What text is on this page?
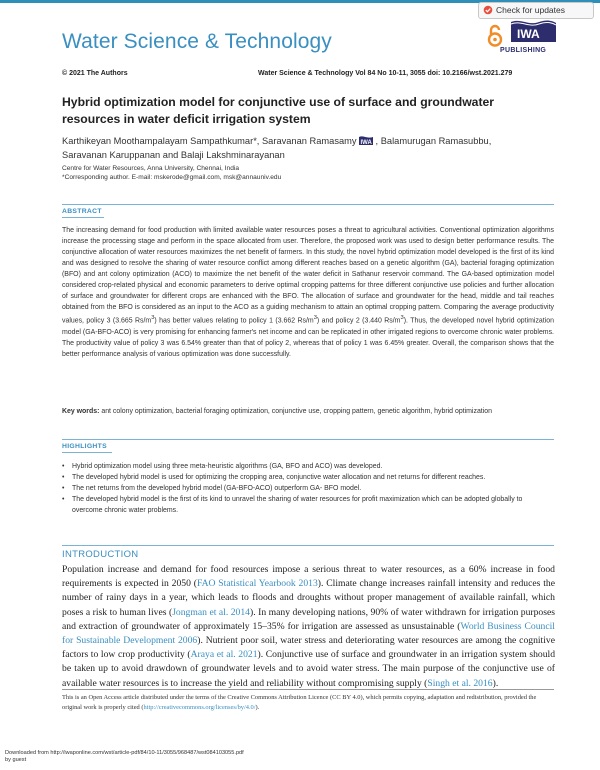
Water Science & Technology
Check for updates
IWA
PUBLISHING
© 2021 The Authors	Water Science & Technology Vol 84 No 10-11, 3055 doi: 10.2166/wst.2021.279
Hybrid optimization model for conjunctive use of surface and groundwater resources in water deficit irrigation system
Karthikeyan Moothampalayam Sampathkumar*, Saravanan Ramasamy IWA , Balamurugan Ramasubbu,
Saravanan Karuppanan and Balaji Lakshminarayanan
Centre for Water Resources, Anna University, Chennai, India
*Corresponding author. E-mail: mskerode@gmail.com, msk@annauniv.edu
ABSTRACT
The increasing demand for food production with limited available water resources poses a threat to agricultural activities. Conventional optimization algorithms increase the processing stage and perform in the space allocated from user. Therefore, the proposed work was used to design better performance results. The conjunctive allocation of water resources maximizes the net benefit of farmers. In this study, the novel hybrid optimization model developed is the first of its kind and was designed to resolve the sharing of water resource conflict among different reaches based on a genetic algorithm (GA), bacterial foraging optimization (BFO) and ant colony optimization (ACO) to maximize the net benefit of the water deficit in Sathanur reservoir command. The GA-based optimization model considered crop-related physical and economic parameters to derive optimal cropping patterns for three different conjunctive use policies and further allocation of surface and groundwater for different crops are enhanced with the BFO. The allocation of surface and groundwater for the head, middle and tail reaches obtained from the BFO is considered as an input to the ACO as a guiding mechanism to attain an optimal cropping pattern. Comparing the average productivity values, policy 3 (3.665 $Rs/m^3$) has better values relating to policy 1 (3.662 $Rs/m^3$) and policy 2 (3.440 $Rs/m^3$). Thus, the developed novel hybrid optimization model (GA-BFO-ACO) is very promising for enhancing farmer's net income and can be replicated in other irrigated regions to overcome chronic water problems. The productivity value of policy 3 was 6.54% greater than that of policy 2, whereas that of policy 1 was 6.45% greater. Overall, the comparison shows that the better performance analysis of various optimization was done successfully.
Key words: ant colony optimization, bacterial foraging optimization, conjunctive use, cropping pattern, genetic algorithm, hybrid optimization
HIGHLIGHTS
• Hybrid optimization model using three meta-heuristic algorithms (GA, BFO and ACO) was developed.
• The developed hybrid model is used for optimizing the cropping area, conjunctive water allocation and net returns for different reaches.
• The net returns from the developed hybrid model (GA-BFO-ACO) outperform GA- BFO model.
• The developed hybrid model is the first of its kind to unravel the sharing of water resources for profit maximization which can be adopted globally to overcome chronic water problems.
INTRODUCTION
Population increase and demand for food resources impose a serious threat to water resources, as a 60% increase in food requirements is expected in 2050 (FAO Statistical Yearbook 2013). Climate change increases rainfall intensity and reduces the number of rainy days in a year, which leads to floods and droughts without proper management of available rainfall, which poses a risk to human lives (Jongman et al. 2014). In many developing nations, 90% of water withdrawn for irrigation purposes and extraction of groundwater of approximately 15–35% for irrigation are assessed as unsustainable (World Business Council for Sustainable Development 2006). Nutrient poor soil, water stress and deteriorating water resources are among the cognitive factors to low crop productivity (Araya et al. 2021). Conjunctive use of surface and groundwater in an irrigation system should be taken up to avoid drawdown of groundwater levels and to avoid water stress. The main purpose of the conjunctive use of available water resources is to increase the yield and reliability without compromising supply (Singh et al. 2016).
This is an Open Access article distributed under the terms of the Creative Commons Attribution Licence (CC BY 4.0), which permits copying, adaptation and redistribution, provided the original work is properly cited (http://creativecommons.org/licenses/by/4.0/).
Downloaded from http://iwaponline.com/wst/article-pdf/84/10-11/3055/968487/wst084103055.pdf
by guest
